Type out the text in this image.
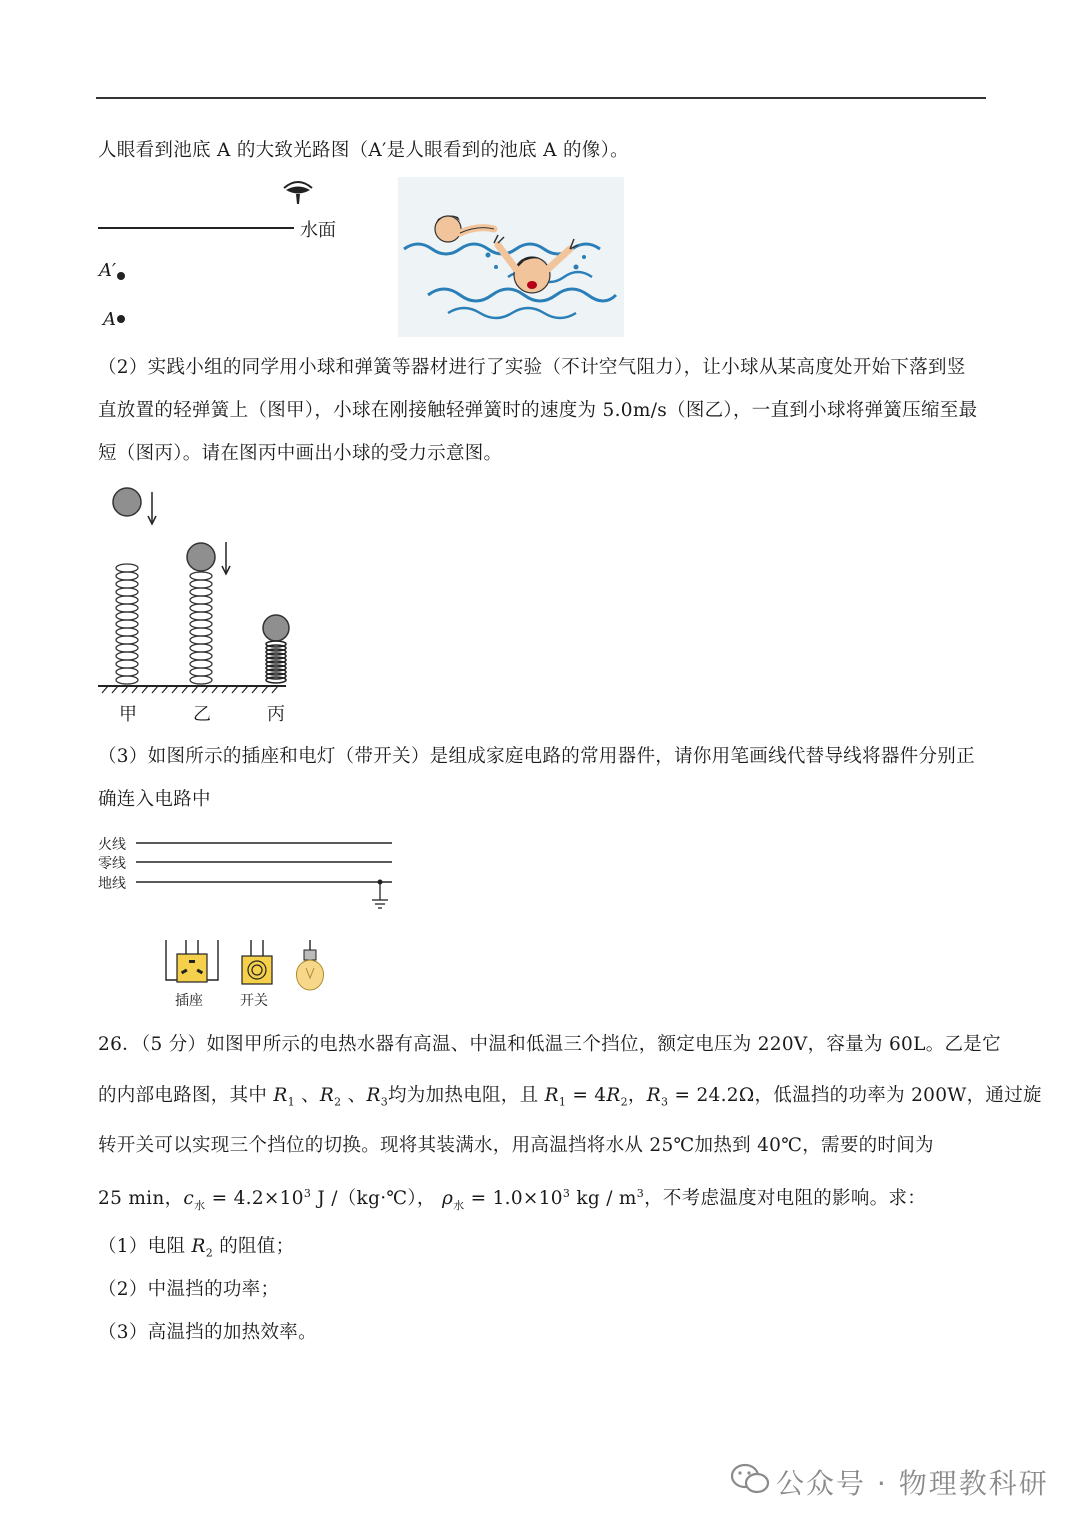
人眼看到池底 A 的大致光路图（A′是人眼看到的池底 A 的像）。
水面
A′
A
（2）实践小组的同学用小球和弹簧等器材进行了实验（不计空气阻力），让小球从某高度处开始下落到竖
直放置的轻弹簧上（图甲），小球在刚接触轻弹簧时的速度为 5.0m/s（图乙），一直到小球将弹簧压缩至最
短（图丙）。请在图丙中画出小球的受力示意图。
甲	乙	丙
（3）如图所示的插座和电灯（带开关）是组成家庭电路的常用器件，请你用笔画线代替导线将器件分别正
确连入电路中
火线
零线
地线
插座	开关
26．（5 分）如图甲所示的电热水器有高温、中温和低温三个挡位，额定电压为 220V，容量为 60L。乙是它
的内部电路图，其中 $R_1$ 、$R_2$ 、$R_3$均为加热电阻，且 $R_1 = 4R_2$，$R_3 = 24.2\Omega$，低温挡的功率为 200W，通过旋
转开关可以实现三个挡位的切换。现将其装满水，用高温挡将水从 25℃加热到 40℃，需要的时间为
25 min，$c_水 = 4.2\times 10^3$ J /（kg·℃）， $\rho_水 = 1.0\times 10^3$ kg / $m^3$，不考虑温度对电阻的影响。求：
（1）电阻 $R_2$ 的阻值；
（2）中温挡的功率；
（3）高温挡的加热效率。
公众号 · 物理教科研
